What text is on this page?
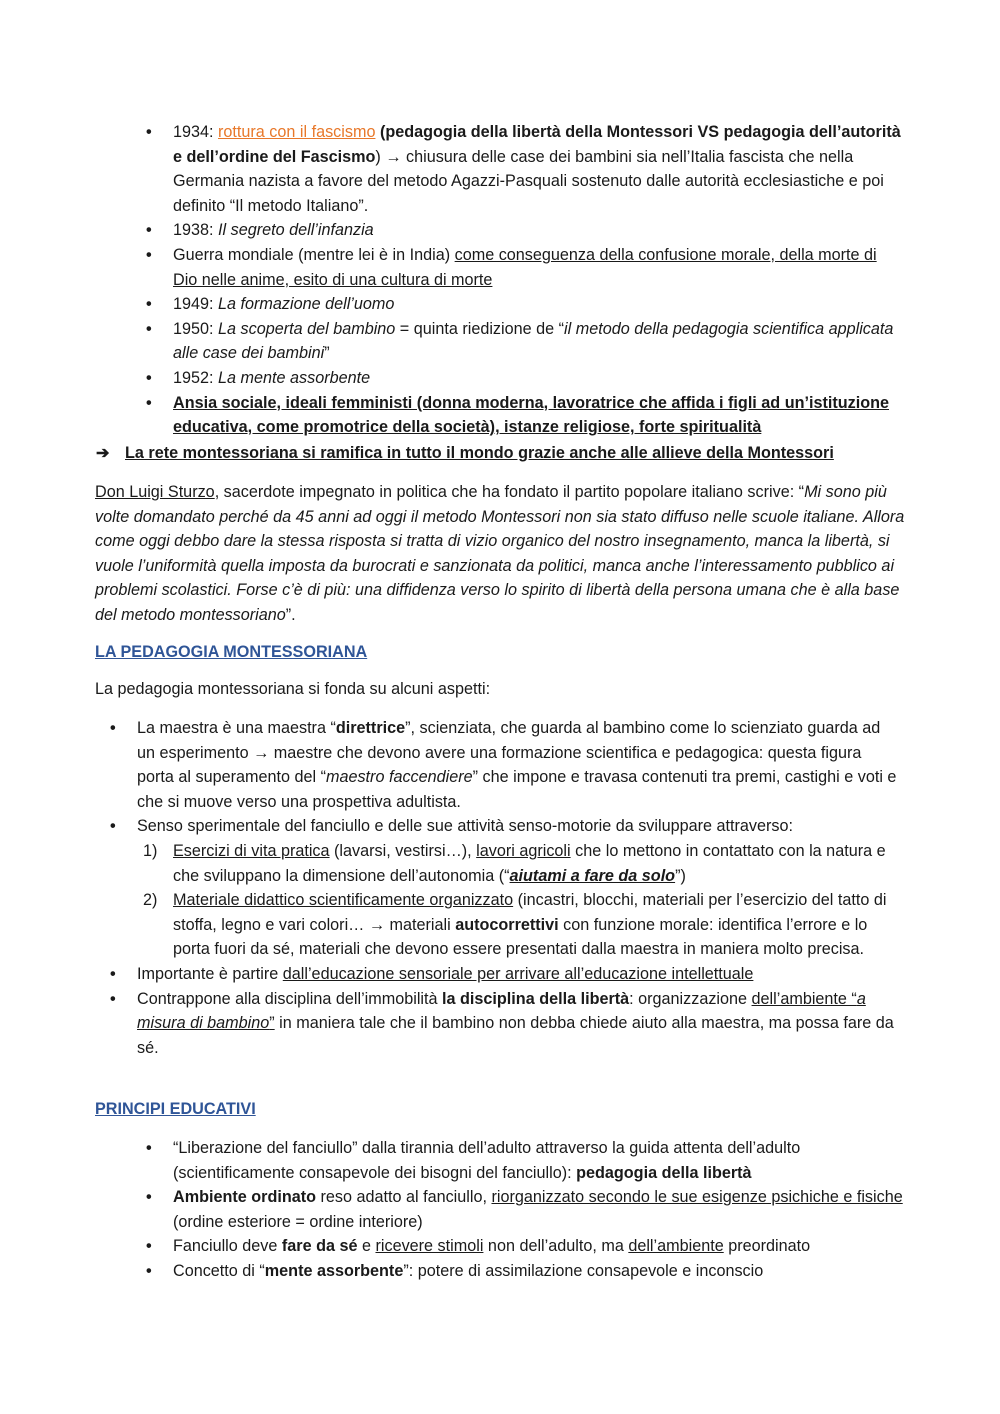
• 1934: rottura con il fascismo (pedagogia della libertà della Montessori VS pedagogia dell’autorità e dell’ordine del Fascismo) → chiusura delle case dei bambini sia nell’Italia fascista che nella Germania nazista a favore del metodo Agazzi-Pasquali sostenuto dalle autorità ecclesiastiche e poi definito “Il metodo Italiano”.
• 1938: Il segreto dell’infanzia
• Guerra mondiale (mentre lei è in India) come conseguenza della confusione morale, della morte di Dio nelle anime, esito di una cultura di morte
• 1949: La formazione dell’uomo
• 1950: La scoperta del bambino = quinta riedizione de “il metodo della pedagogia scientifica applicata alle case dei bambini”
• 1952: La mente assorbente
• Ansia sociale, ideali femministi (donna moderna, lavoratrice che affida i figli ad un’istituzione educativa, come promotrice della società), istanze religiose, forte spiritualità
➔ La rete montessoriana si ramifica in tutto il mondo grazie anche alle allieve della Montessori

Don Luigi Sturzo, sacerdote impegnato in politica che ha fondato il partito popolare italiano scrive: “Mi sono più volte domandato perché da 45 anni ad oggi il metodo Montessori non sia stato diffuso nelle scuole italiane. Allora come oggi debbo dare la stessa risposta si tratta di vizio organico del nostro insegnamento, manca la libertà, si vuole l’uniformità quella imposta da burocrati e sanzionata da politici, manca anche l’interessamento pubblico ai problemi scolastici. Forse c’è di più: una diffidenza verso lo spirito di libertà della persona umana che è alla base del metodo montessoriano”.

LA PEDAGOGIA MONTESSORIANA
La pedagogia montessoriana si fonda su alcuni aspetti:
• La maestra è una maestra “direttrice”, scienziata, che guarda al bambino come lo scienziato guarda ad un esperimento → maestre che devono avere una formazione scientifica e pedagogica: questa figura porta al superamento del “maestro faccendiere” che impone e travasa contenuti tra premi, castighi e voti e che si muove verso una prospettiva adultista.
• Senso sperimentale del fanciullo e delle sue attività senso-motorie da sviluppare attraverso:
1) Esercizi di vita pratica (lavarsi, vestirsi…), lavori agricoli che lo mettono in contattato con la natura e che sviluppano la dimensione dell’autonomia (“aiutami a fare da solo”)
2) Materiale didattico scientificamente organizzato (incastri, blocchi, materiali per l’esercizio del tatto di stoffa, legno e vari colori… → materiali autocorrettivi con funzione morale: identifica l’errore e lo porta fuori da sé, materiali che devono essere presentati dalla maestra in maniera molto precisa.
• Importante è partire dall’educazione sensoriale per arrivare all’educazione intellettuale
• Contrappone alla disciplina dell’immobilità la disciplina della libertà: organizzazione dell’ambiente “a misura di bambino” in maniera tale che il bambino non debba chiede aiuto alla maestra, ma possa fare da sé.
PRINCIPI EDUCATIVI
• “Liberazione del fanciullo” dalla tirannia dell’adulto attraverso la guida attenta dell’adulto (scientificamente consapevole dei bisogni del fanciullo): pedagogia della libertà
• Ambiente ordinato reso adatto al fanciullo, riorganizzato secondo le sue esigenze psichiche e fisiche (ordine esteriore = ordine interiore)
• Fanciullo deve fare da sé e ricevere stimoli non dell’adulto, ma dell’ambiente preordinato
• Concetto di “mente assorbente”: potere di assimilazione consapevole e inconscio
